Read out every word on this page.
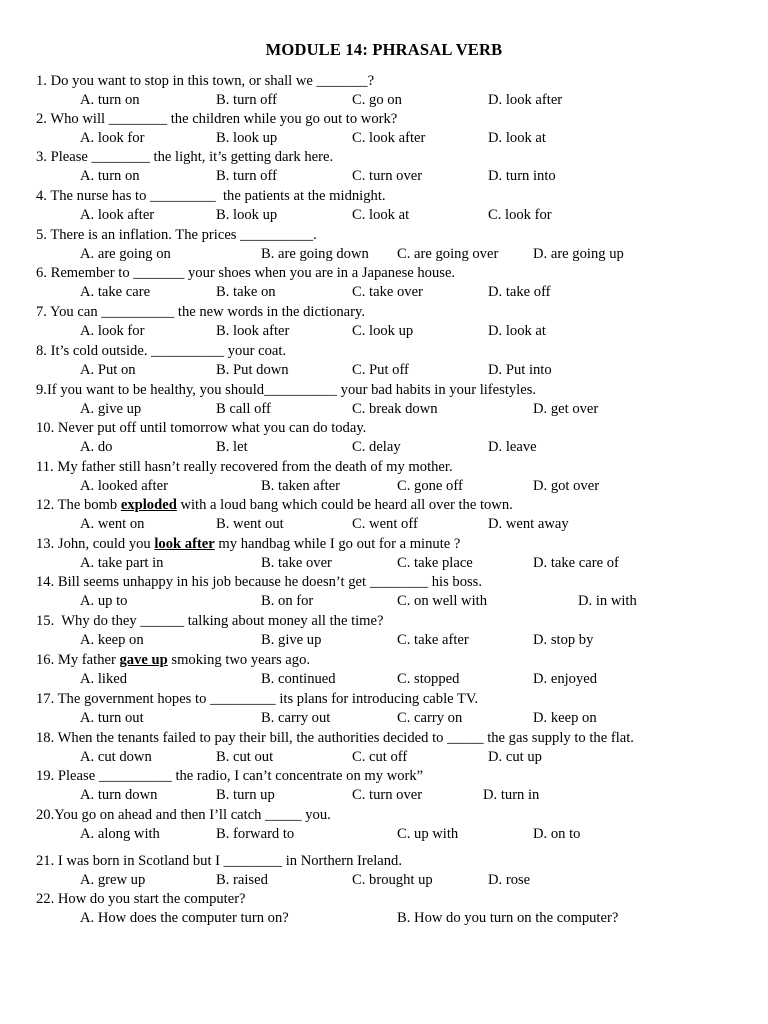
MODULE 14: PHRASAL VERB
1. Do you want to stop in this town, or shall we _______?
A. turn on	B. turn off	C. go on	D. look after
2. Who will ________ the children while you go out to work?
A. look for	B. look up	C. look after	D. look at
3. Please ________ the light, it’s getting dark here.
A. turn on	B. turn off	C. turn over	D. turn into
4. The nurse has to _________  the patients at the midnight.
A. look after	B. look up	C. look at	C. look for
5. There is an inflation. The prices __________.
A. are going on	B. are going down C. are going over D. are going up
6. Remember to _______ your shoes when you are in a Japanese house.
A. take care	B. take on	C. take over	D. take off
7. You can __________ the new words in the dictionary.
A. look for	B. look after	C. look up	D. look at
8. It’s cold outside. __________ your coat.
A. Put on	B. Put down	C. Put off	D. Put into
9.If you want to be healthy, you should__________ your bad habits in your lifestyles.
A. give up	B call off	C. break down	D. get over
10. Never put off until tomorrow what you can do today.
A. do	B. let	C. delay	D. leave
11. My father still hasn’t really recovered from the death of my mother.
A. looked after	B. taken after	C. gone off	D. got over
12. The bomb exploded with a loud bang which could be heard all over the town.
A. went on	B. went out	C. went off	D. went away
13. John, could you look after my handbag while I go out for a minute ?
A. take part in	B. take over	C. take place	D. take care of
14. Bill seems unhappy in his job because he doesn’t get ________ his boss.
A. up to	B. on for	C. on well with	D. in with
15.  Why do they ______ talking about money all the time?
A. keep on	B. give up	C. take after	D. stop by
16. My father gave up smoking two years ago.
A. liked	B. continued	C. stopped	D. enjoyed
17. The government hopes to _________ its plans for introducing cable TV.
A. turn out	B. carry out	C. carry on	D. keep on
18. When the tenants failed to pay their bill, the authorities decided to _____ the gas supply to the flat.
A. cut down	B. cut out	C. cut off	D. cut up
19. Please __________ the radio, I can’t concentrate on my work”
A. turn down	B. turn up	C. turn over	D. turn in
20.You go on ahead and then I’ll catch _____ you.
A. along with	B. forward to	C. up with	D. on to
21. I was born in Scotland but I ________ in Northern Ireland.
A. grew up	B. raised	C. brought up	D. rose
22. How do you start the computer?
A. How does the computer turn on?	B. How do you turn on the computer?
